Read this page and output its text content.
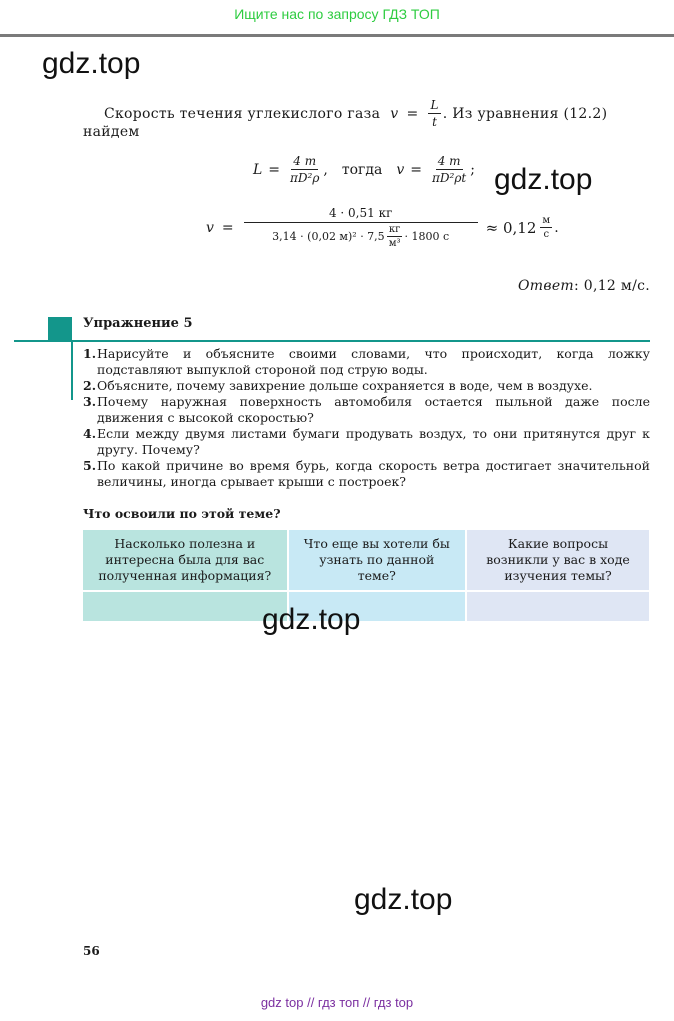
Ищите нас по запросу ГДЗ ТОП
gdz.top
Скорость течения углекислого газа $v = \frac{L}{t}$ . Из уравнения (12.2)
найдем
$L = \frac{4 m}{\text{πD²ρ}}$ , тогда $v = \frac{4 m}{\text{πD²ρt}}$ ; gdz.top
v =
4 · 0,51 кг
3,14 · (0,02 $м)^2 \cdot 7,5 \frac{кг}{\text{м³}} \cdot 1800$ $с \approx 0,12 \frac{м}{с}$ .
Ответ: 0,12 м/с.
Упражнение 5
1. Нарисуйте и объясните своими словами, что происходит, когда ложку подставляют выпуклой стороной под струю воды.
2. Объясните, почему завихрение дольше сохраняется в воде, чем в воздухе.
3. Почему наружная поверхность автомобиля остается пыльной даже после движения с высокой скоростью?
4. Если между двумя листами бумаги продувать воздух, то они притянутся друг к другу. Почему?
5. По какой причине во время бурь, когда скорость ветра достигает значительной величины, иногда срывает крыши с построек?
Что освоили по этой теме?
Насколько полезна и интересна была для вас полученная информация?	Что еще вы хотели бы узнать по данной теме?	Какие вопросы возникли у вас в ходе изучения темы?

gdz.top
gdz.top
56
gdz top // гдз топ // гдз top
